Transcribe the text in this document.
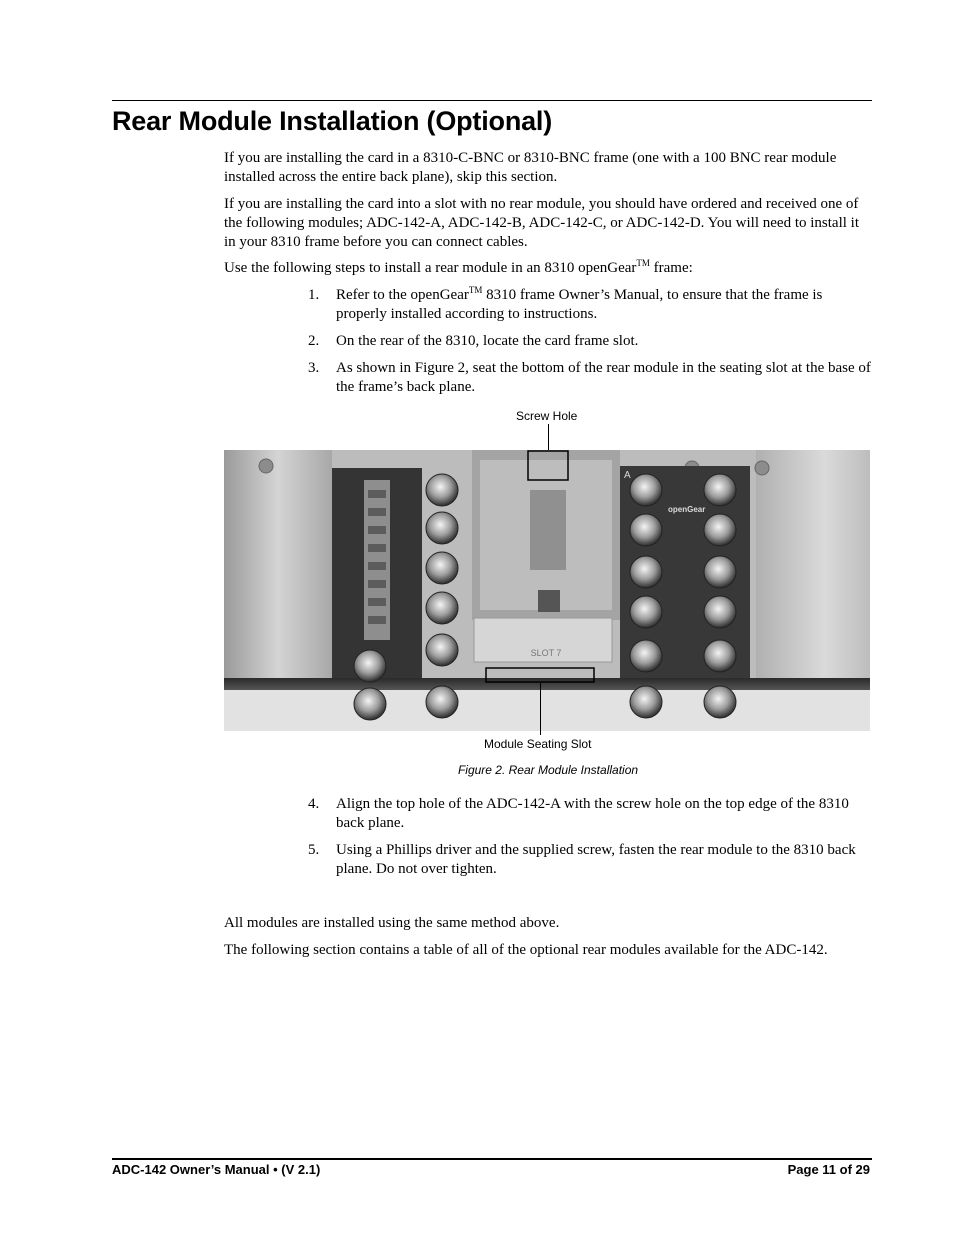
Rear Module Installation (Optional)

If you are installing the card in a 8310-C-BNC or 8310-BNC frame (one with a 100 BNC rear module installed across the entire back plane), skip this section.

If you are installing the card into a slot with no rear module, you should have ordered and received one of the following modules; ADC-142-A, ADC-142-B, ADC-142-C, or ADC-142-D. You will need to install it in your 8310 frame before you can connect cables.

Use the following steps to install a rear module in an 8310 openGear™ frame:

1.	Refer to the openGear™ 8310 frame Owner’s Manual, to ensure that the frame is properly installed according to instructions.
2.	On the rear of the 8310, locate the card frame slot.
3.	As shown in Figure 2, seat the bottom of the rear module in the seating slot at the base of the frame’s back plane.
Screw Hole
SLOT 7
A
openGear
Module Seating Slot
Figure 2. Rear Module Installation
4.	Align the top hole of the ADC-142-A with the screw hole on the top edge of the 8310 back plane.
5.	Using a Phillips driver and the supplied screw, fasten the rear module to the 8310 back plane. Do not over tighten.

All modules are installed using the same method above.

The following section contains a table of all of the optional rear modules available for the ADC-142.

ADC-142 Owner’s Manual • (V 2.1)	Page 11 of 29
